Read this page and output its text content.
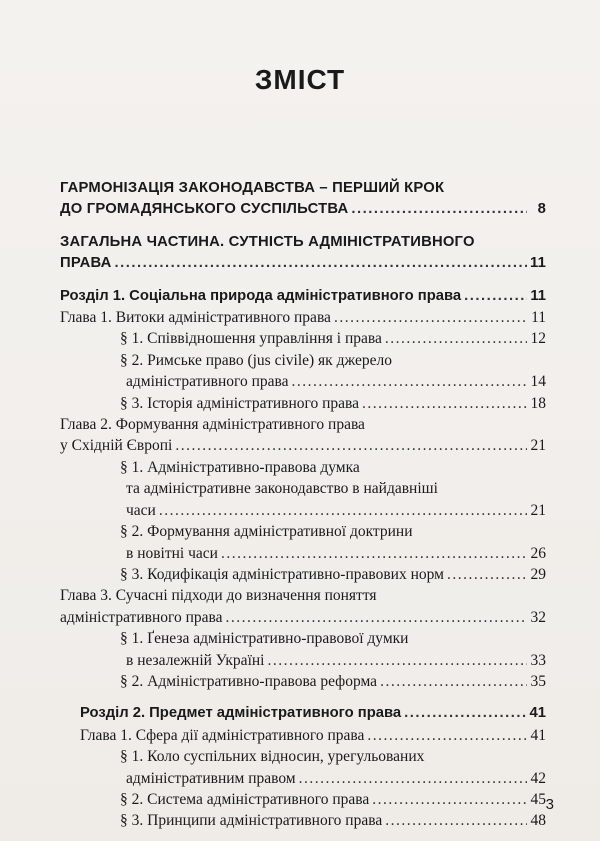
ЗМІСТ
ГАРМОНІЗАЦІЯ ЗАКОНОДАВСТВА – ПЕРШИЙ КРОК
ДО ГРОМАДЯНСЬКОГО СУСПІЛЬСТВА .....	8
ЗАГАЛЬНА ЧАСТИНА. СУТНІСТЬ АДМІНІСТРАТИВНОГО
ПРАВА .....	11
Розділ 1. Соціальна природа адміністративного права .....	11
Глава 1. Витоки адміністративного права .....	11
§ 1. Співвідношення управління і права .....	12
§ 2. Римське право (jus civile) як джерело
адміністративного права .....	14
§ 3. Історія адміністративного права .....	18
Глава 2. Формування адміністративного права
у Східній Європі .....	21
§ 1. Адміністративно-правова думка
та адміністративне законодавство в найдавніші
часи .....	21
§ 2. Формування адміністративної доктрини
в новітні часи .....	26
§ 3. Кодифікація адміністративно-правових норм .....	29
Глава 3. Сучасні підходи до визначення поняття
адміністративного права .....	32
§ 1. Ґенеза адміністративно-правової думки
в незалежній Україні .....	33
§ 2. Адміністративно-правова реформа .....	35
Розділ 2. Предмет адміністративного права .....	41
Глава 1. Сфера дії адміністративного права .....	41
§ 1. Коло суспільних відносин, урегульованих
адміністративним правом .....	42
§ 2. Система адміністративного права .....	45
§ 3. Принципи адміністративного права .....	48
3
